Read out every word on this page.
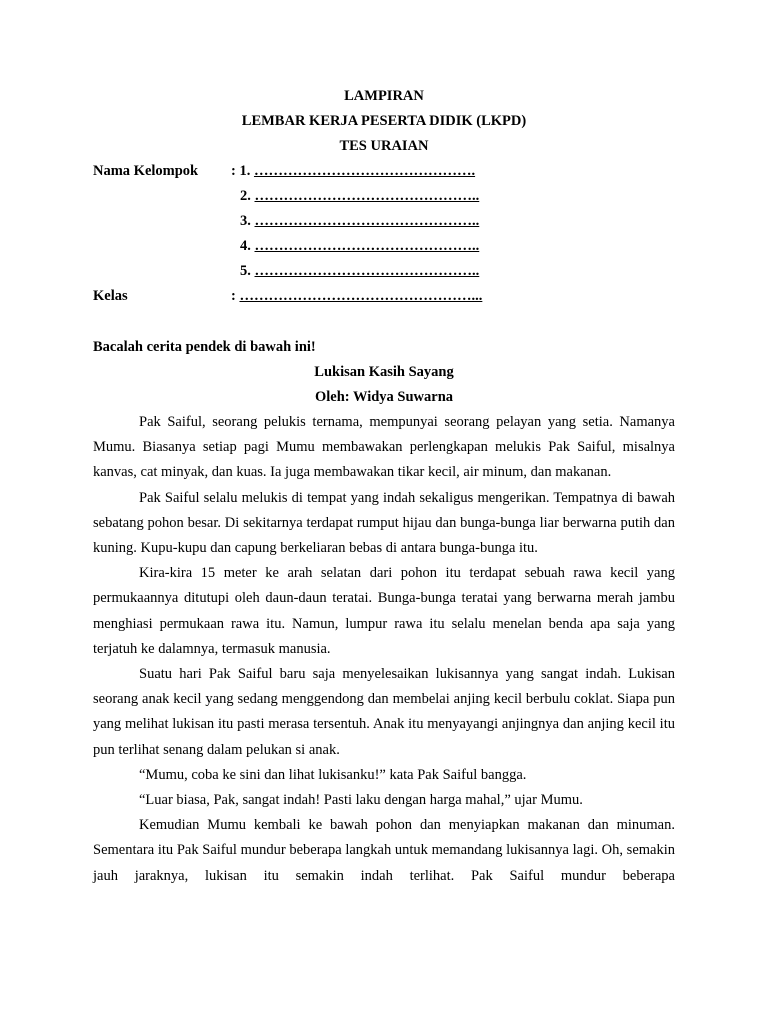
LAMPIRAN
LEMBAR KERJA PESERTA DIDIK (LKPD)
TES URAIAN
Nama Kelompok : 1. ……………………………………….
2. ………………………………………..
3. ………………………………………..
4. ………………………………………..
5. ………………………………………..
Kelas	: …………………………………………...
Bacalah cerita pendek di bawah ini!
Lukisan Kasih Sayang
Oleh: Widya Suwarna

Pak Saiful, seorang pelukis ternama, mempunyai seorang pelayan yang setia. Namanya Mumu. Biasanya setiap pagi Mumu membawakan perlengkapan melukis Pak Saiful, misalnya kanvas, cat minyak, dan kuas. Ia juga membawakan tikar kecil, air minum, dan makanan.

Pak Saiful selalu melukis di tempat yang indah sekaligus mengerikan. Tempatnya di bawah sebatang pohon besar. Di sekitarnya terdapat rumput hijau dan bunga-bunga liar berwarna putih dan kuning. Kupu-kupu dan capung berkeliaran bebas di antara bunga-bunga itu.

Kira-kira 15 meter ke arah selatan dari pohon itu terdapat sebuah rawa kecil yang permukaannya ditutupi oleh daun-daun teratai. Bunga-bunga teratai yang berwarna merah jambu menghiasi permukaan rawa itu. Namun, lumpur rawa itu selalu menelan benda apa saja yang terjatuh ke dalamnya, termasuk manusia.

Suatu hari Pak Saiful baru saja menyelesaikan lukisannya yang sangat indah. Lukisan seorang anak kecil yang sedang menggendong dan membelai anjing kecil berbulu coklat. Siapa pun yang melihat lukisan itu pasti merasa tersentuh. Anak itu menyayangi anjingnya dan anjing kecil itu pun terlihat senang dalam pelukan si anak.

“Mumu, coba ke sini dan lihat lukisanku!” kata Pak Saiful bangga.

“Luar biasa, Pak, sangat indah! Pasti laku dengan harga mahal,” ujar Mumu.

Kemudian Mumu kembali ke bawah pohon dan menyiapkan makanan dan minuman. Sementara itu Pak Saiful mundur beberapa langkah untuk memandang lukisannya lagi. Oh, semakin jauh jaraknya, lukisan itu semakin indah terlihat. Pak Saiful mundur beberapa
